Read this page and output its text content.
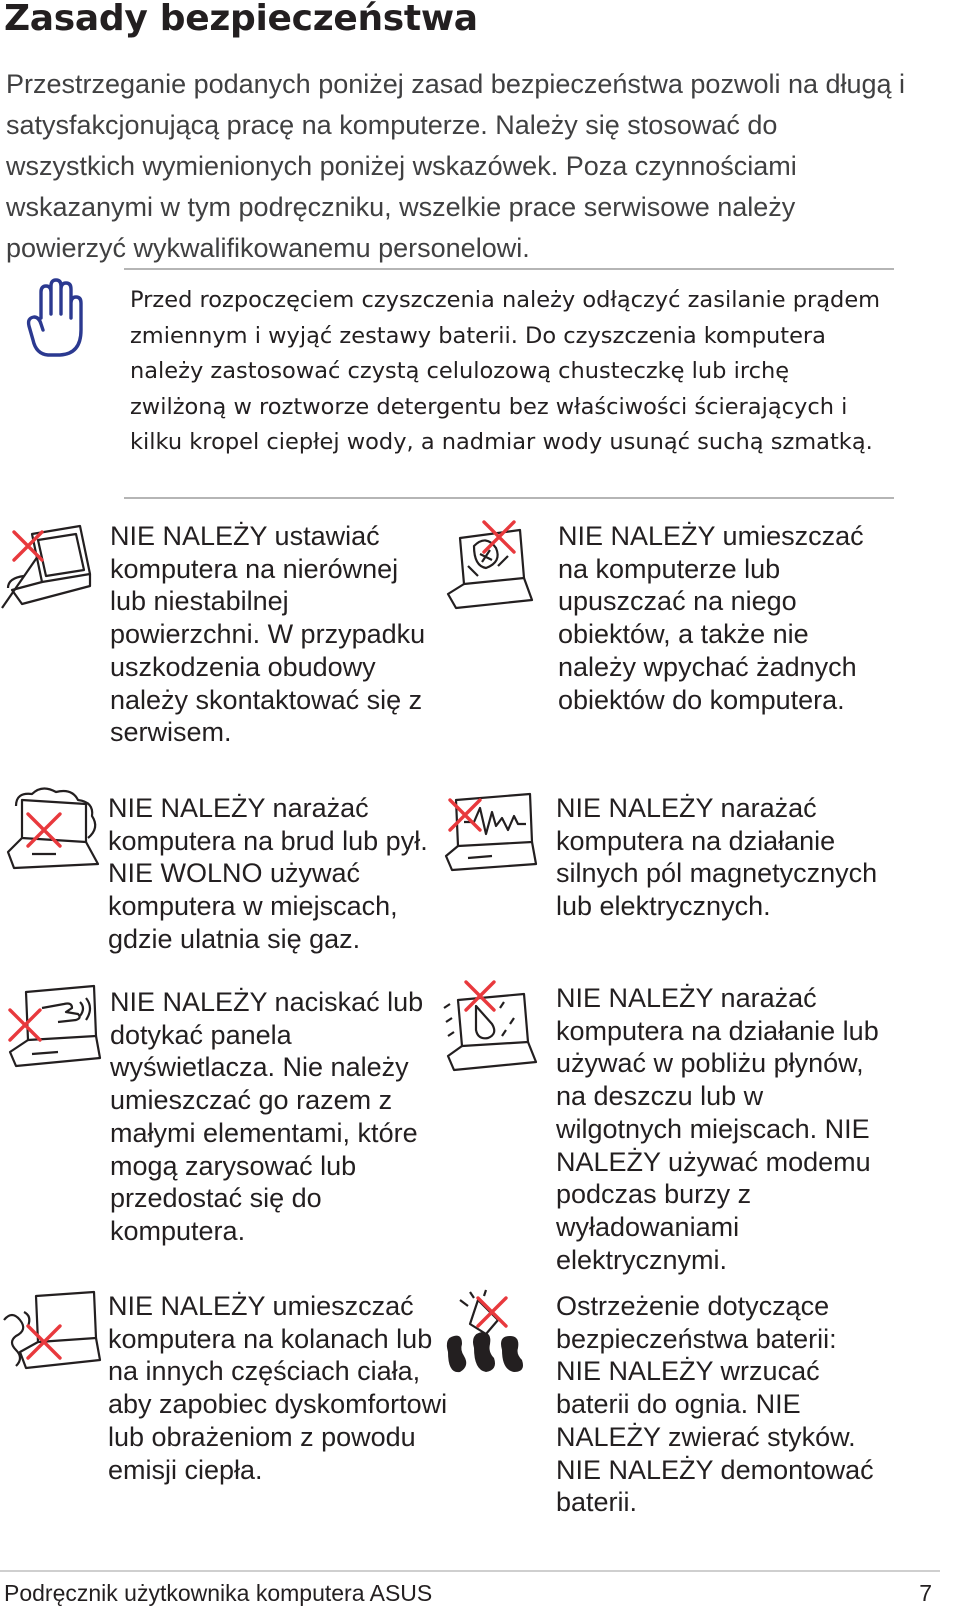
Zasady bezpieczeństwa

Przestrzeganie podanych poniżej zasad bezpieczeństwa pozwoli na długą i satysfakcjonującą pracę na komputerze. Należy się stosować do wszystkich wymienionych poniżej wskazówek. Poza czynnościami wskazanymi w tym podręczniku, wszelkie prace serwisowe należy powierzyć wykwalifikowanemu personelowi.

Przed rozpoczęciem czyszczenia należy odłączyć zasilanie prądem zmiennym i wyjąć zestawy baterii. Do czyszczenia komputera należy zastosować czystą celulozową chusteczkę lub irchę zwilżoną w roztworze detergentu bez właściwości ścierających i kilku kropel ciepłej wody, a nadmiar wody usunąć suchą szmatką.

NIE NALEŻY ustawiać komputera na nierównej lub niestabilnej powierzchni. W przypadku uszkodzenia obudowy należy skontaktować się z serwisem.

NIE NALEŻY narażać komputera na brud lub pył. NIE WOLNO używać komputera w miejscach, gdzie ulatnia się gaz.

NIE NALEŻY naciskać lub dotykać panela wyświetlacza. Nie należy umieszczać go razem z małymi elementami, które mogą zarysować lub przedostać się do komputera.

NIE NALEŻY umieszczać komputera na kolanach lub na innych częściach ciała, aby zapobiec dyskomfortowi lub obrażeniom z powodu emisji ciepła.

NIE NALEŻY umieszczać na komputerze lub upuszczać na niego obiektów, a także nie należy wpychać żadnych obiektów do komputera.

NIE NALEŻY narażać komputera na działanie silnych pól magnetycznych lub elektrycznych.

NIE NALEŻY narażać komputera na działanie lub używać w pobliżu płynów, na deszczu lub w wilgotnych miejscach. NIE NALEŻY używać modemu podczas burzy z wyładowaniami elektrycznymi.

Ostrzeżenie dotyczące bezpieczeństwa baterii: NIE NALEŻY wrzucać baterii do ognia. NIE NALEŻY zwierać styków. NIE NALEŻY demontować baterii.

Podręcznik użytkownika komputera ASUS	7
